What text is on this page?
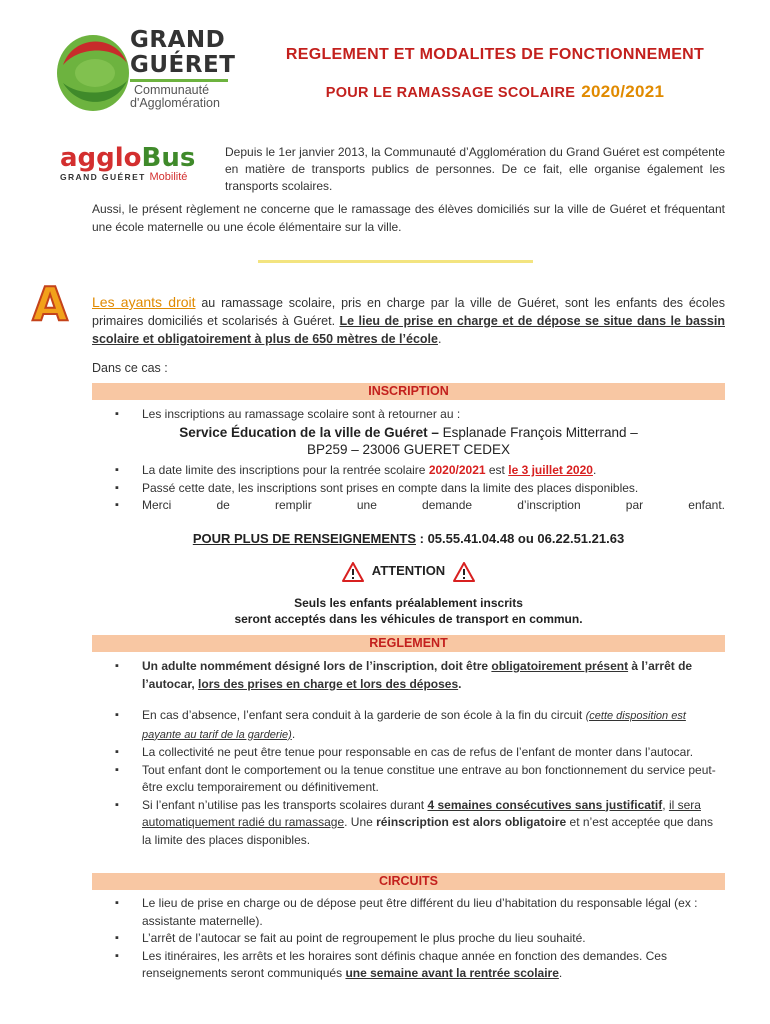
GRAND
GUÉRET
Communauté
d'Agglomération
REGLEMENT ET MODALITES DE FONCTIONNEMENT
POUR LE RAMASSAGE SCOLAIRE 2020/2021
aggloBus
GRAND GUÉRET Mobilité
Depuis le 1er janvier 2013, la Communauté d’Agglomération du Grand Guéret est compétente en matière de transports publics de personnes. De ce fait, elle organise également les transports scolaires.
Aussi, le présent règlement ne concerne que le ramassage des élèves domiciliés sur la ville de Guéret et fréquentant une école maternelle ou une école élémentaire sur la ville.
A Les ayants droit au ramassage scolaire, pris en charge par la ville de Guéret, sont les enfants des écoles primaires domiciliés et scolarisés à Guéret. Le lieu de prise en charge et de dépose se situe dans le bassin scolaire et obligatoirement à plus de 650 mètres de l’école.
Dans ce cas :
INSCRIPTION
▪ Les inscriptions au ramassage scolaire sont à retourner au :
Service Éducation de la ville de Guéret – Esplanade François Mitterrand –
BP259 – 23006 GUERET CEDEX
▪ La date limite des inscriptions pour la rentrée scolaire 2020/2021 est le 3 juillet 2020.
▪ Passé cette date, les inscriptions sont prises en compte dans la limite des places disponibles.
▪ Merci de remplir une demande d’inscription par enfant.
POUR PLUS DE RENSEIGNEMENTS : 05.55.41.04.48 ou 06.22.51.21.63
ATTENTION
Seuls les enfants préalablement inscrits
seront acceptés dans les véhicules de transport en commun.
REGLEMENT
▪ Un adulte nommément désigné lors de l’inscription, doit être obligatoirement présent à l’arrêt de l’autocar, lors des prises en charge et lors des déposes.
▪ En cas d’absence, l’enfant sera conduit à la garderie de son école à la fin du circuit (cette disposition est payante au tarif de la garderie).
▪ La collectivité ne peut être tenue pour responsable en cas de refus de l’enfant de monter dans l’autocar.
▪ Tout enfant dont le comportement ou la tenue constitue une entrave au bon fonctionnement du service peut-être exclu temporairement ou définitivement.
▪ Si l’enfant n’utilise pas les transports scolaires durant 4 semaines consécutives sans justificatif, il sera automatiquement radié du ramassage. Une réinscription est alors obligatoire et n’est acceptée que dans la limite des places disponibles.
CIRCUITS
▪ Le lieu de prise en charge ou de dépose peut être différent du lieu d’habitation du responsable légal (ex : assistante maternelle).
▪ L’arrêt de l’autocar se fait au point de regroupement le plus proche du lieu souhaité.
▪ Les itinéraires, les arrêts et les horaires sont définis chaque année en fonction des demandes. Ces renseignements seront communiqués une semaine avant la rentrée scolaire.
